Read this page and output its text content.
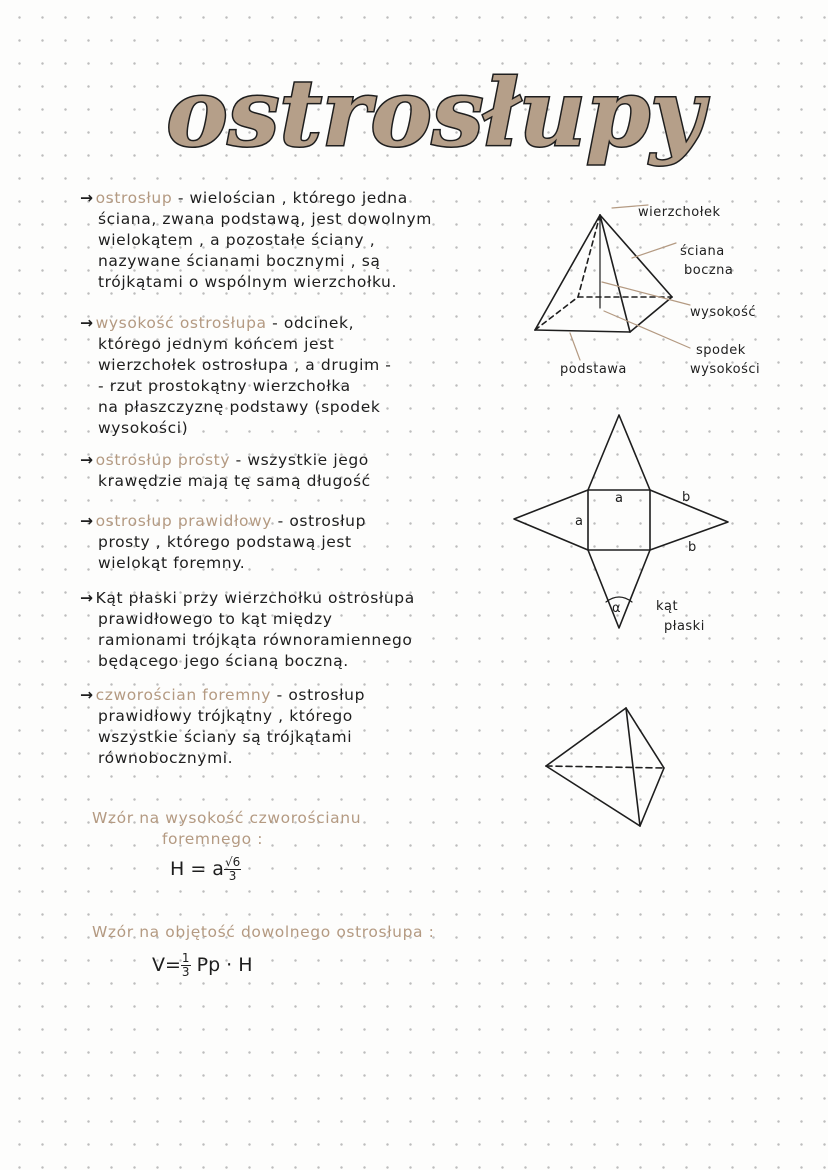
ostrosłupy
→ ostrosłup - wielościan , którego jedna
ściana, zwana podstawą, jest dowolnym
wielokątem , a pozostałe ściany ,
nazywane ścianami bocznymi , są
trójkątami o wspólnym wierzchołku.
→ wysokość ostrosłupa - odcinek,
którego jednym końcem jest
wierzchołek ostrosłupa , a drugim -
- rzut prostokątny wierzchołka
na płaszczyznę podstawy (spodek
wysokości)
→ ostrosłup prosty - wszystkie jego
krawędzie mają tę samą długość
→ ostrosłup prawidłowy - ostrosłup
prosty , którego podstawą jest
wielokąt foremny.
→ Kąt płaski przy wierzchołku ostrosłupa
prawidłowego to kąt między
ramionami trójkąta równoramiennego
będącego jego ścianą boczną.
→ czworościan foremny - ostrosłup
prawidłowy trójkątny , którego
wszystkie ściany są trójkątami
równobocznymi.
Wzór na wysokość czworościanu
foremnego :
H = a $\frac{√6}{3}$
Wzór na objętość dowolnego ostrosłupa :
$V= \frac{1}{3}$ Pp · H
wierzchołek
ściana
boczna
wysokość
podstawa
spodek
wysokości
a
a
b
b
α	kąt
płaski
